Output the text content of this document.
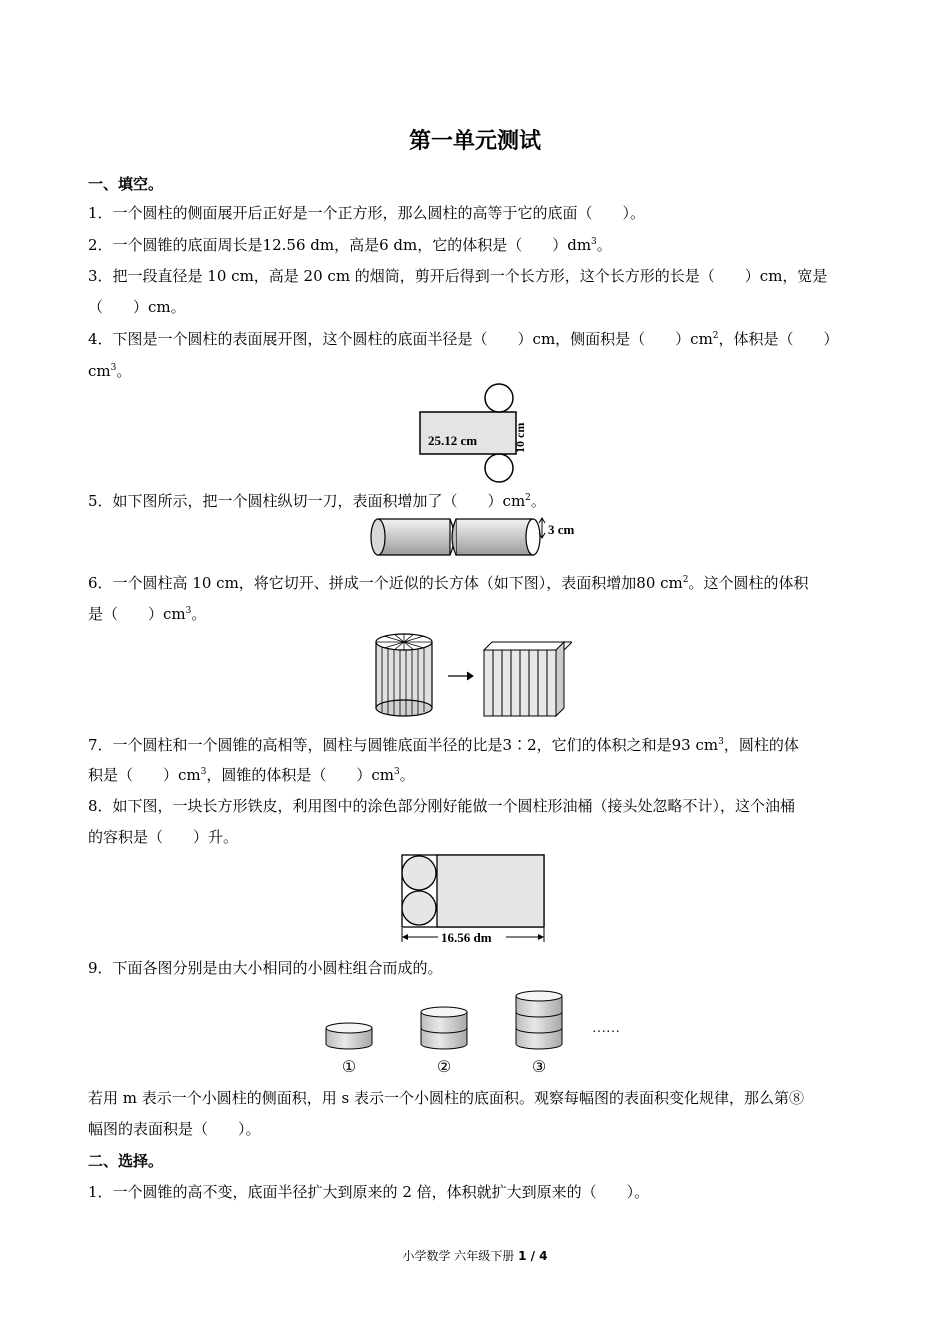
第一单元测试
一、填空。
1．一个圆柱的侧面展开后正好是一个正方形，那么圆柱的高等于它的底面（　　）。
2．一个圆锥的底面周长是12.56 dm，高是6 dm，它的体积是（　　）$dm^3$。
3．把一段直径是 10 cm，高是 20 cm 的烟筒，剪开后得到一个长方形，这个长方形的长是（　　）cm，宽是
（　　）cm。
4．下图是一个圆柱的表面展开图，这个圆柱的底面半径是（　　）cm，侧面积是（　　）$cm^2$，体积是（　　）
$cm^3$。
25.12 cm	10 cm
5．如下图所示，把一个圆柱纵切一刀，表面积增加了（　　）$cm^2$。
3 cm
6．一个圆柱高 10 cm，将它切开、拼成一个近似的长方体（如下图），表面积增加80 $cm^2$。这个圆柱的体积
是（　　）$cm^3$。
7．一个圆柱和一个圆锥的高相等，圆柱与圆锥底面半径的比是3∶2，它们的体积之和是93 $cm^3$，圆柱的体
积是（　　）$cm^3$，圆锥的体积是（　　）$cm^3$。
8．如下图，一块长方形铁皮，利用图中的涂色部分刚好能做一个圆柱形油桶（接头处忽略不计），这个油桶
的容积是（　　）升。
16.56 dm
9．下面各图分别是由大小相同的小圆柱组合而成的。
①	②	③
……
若用 m 表示一个小圆柱的侧面积，用 s 表示一个小圆柱的底面积。观察每幅图的表面积变化规律，那么第⑧
幅图的表面积是（　　）。
二、选择。
1．一个圆锥的高不变，底面半径扩大到原来的 2 倍，体积就扩大到原来的（　　）。
小学数学 六年级下册 1 / 4
